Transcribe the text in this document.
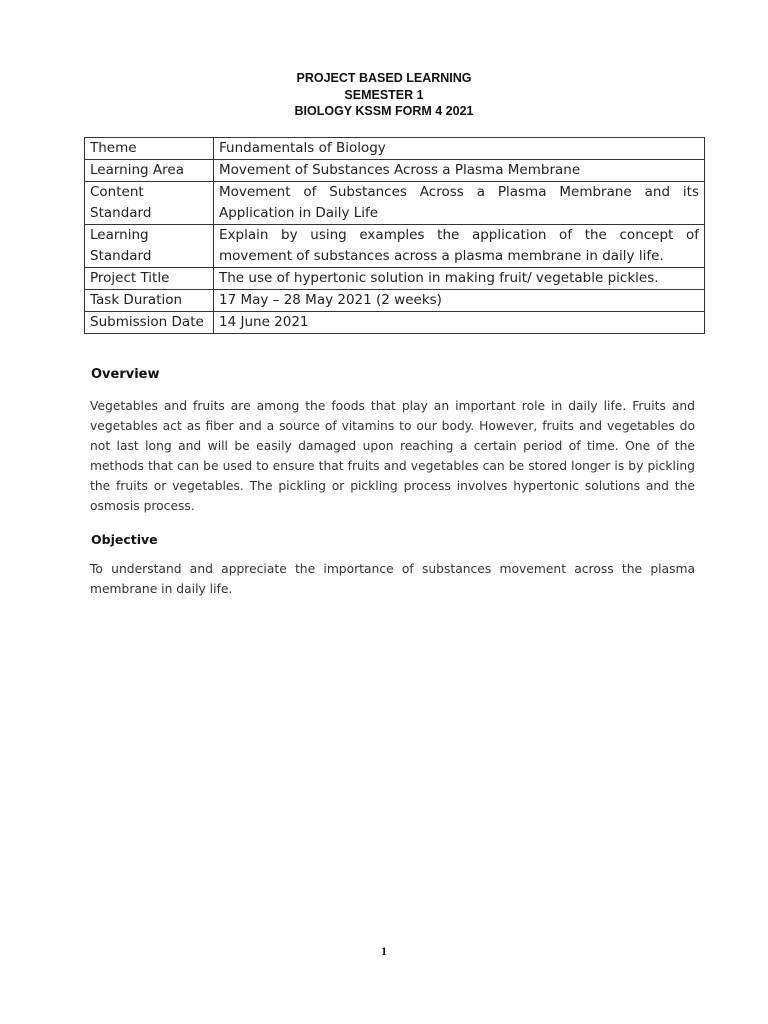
PROJECT BASED LEARNING
SEMESTER 1
BIOLOGY KSSM FORM 4 2021
Theme	Fundamentals of Biology
Learning Area	Movement of Substances Across a Plasma Membrane
Content Standard	Movement of Substances Across a Plasma Membrane and its Application in Daily Life
Learning Standard	Explain by using examples the application of the concept of movement of substances across a plasma membrane in daily life.
Project Title	The use of hypertonic solution in making fruit/ vegetable pickles.
Task Duration	17 May – 28 May 2021 (2 weeks)
Submission Date	14 June 2021
Overview
Vegetables and fruits are among the foods that play an important role in daily life. Fruits and vegetables act as fiber and a source of vitamins to our body. However, fruits and vegetables do not last long and will be easily damaged upon reaching a certain period of time. One of the methods that can be used to ensure that fruits and vegetables can be stored longer is by pickling the fruits or vegetables. The pickling or pickling process involves hypertonic solutions and the osmosis process.
Objective
To understand and appreciate the importance of substances movement across the plasma membrane in daily life.
1
